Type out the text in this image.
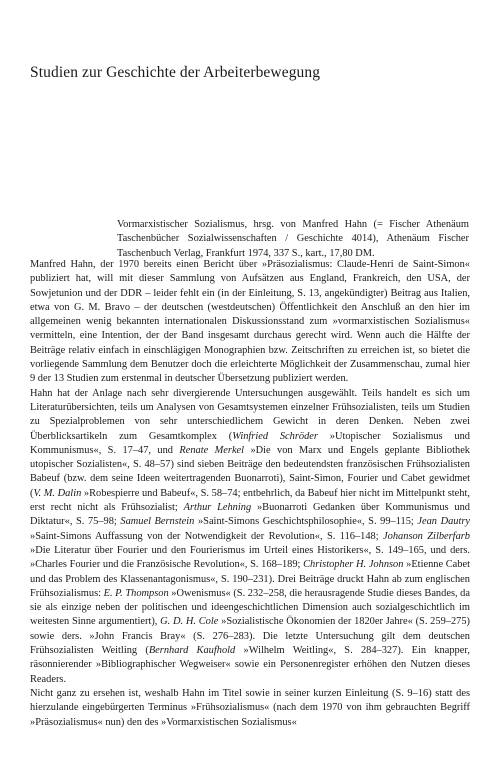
Studien zur Geschichte der Arbeiterbewegung
Vormarxistischer Sozialismus, hrsg. von Manfred Hahn (= Fischer Athenäum Taschenbücher Sozialwissenschaften / Geschichte 4014), Athenäum Fischer Taschenbuch Verlag, Frankfurt 1974, 337 S., kart., 17,80 DM.

Manfred Hahn, der 1970 bereits einen Bericht über »Präsozialismus: Claude-Henri de Saint-Simon« publiziert hat, will mit dieser Sammlung von Aufsätzen aus England, Frankreich, den USA, der Sowjetunion und der DDR – leider fehlt ein (in der Einleitung, S. 13, angekündigter) Beitrag aus Italien, etwa von G. M. Bravo – der deutschen (westdeutschen) Öffentlichkeit den Anschluß an den hier im allgemeinen wenig bekannten internationalen Diskussionsstand zum »vormarxistischen Sozialismus« vermitteln, eine Intention, der der Band insgesamt durchaus gerecht wird. Wenn auch die Hälfte der Beiträge relativ einfach in einschlägigen Monographien bzw. Zeitschriften zu erreichen ist, so bietet die vorliegende Sammlung dem Benutzer doch die erleichterte Möglichkeit der Zusammenschau, zumal hier 9 der 13 Studien zum erstenmal in deutscher Übersetzung publiziert werden.

Hahn hat der Anlage nach sehr divergierende Untersuchungen ausgewählt. Teils handelt es sich um Literaturübersichten, teils um Analysen von Gesamtsystemen einzelner Frühsozialisten, teils um Studien zu Spezialproblemen von sehr unterschiedlichem Gewicht in deren Denken. Neben zwei Überblicksartikeln zum Gesamtkomplex (Winfried Schröder »Utopischer Sozialismus und Kommunismus«, S. 17–47, und Renate Merkel »Die von Marx und Engels geplante Bibliothek utopischer Sozialisten«, S. 48–57) sind sieben Beiträge den bedeutendsten französischen Frühsozialisten Babeuf (bzw. dem seine Ideen weitertragenden Buonarroti), Saint-Simon, Fourier und Cabet gewidmet (V. M. Dalin »Robespierre und Babeuf«, S. 58–74; entbehrlich, da Babeuf hier nicht im Mittelpunkt steht, erst recht nicht als Frühsozialist; Arthur Lehning »Buonarroti Gedanken über Kommunismus und Diktatur«, S. 75–98; Samuel Bernstein »Saint-Simons Geschichtsphilosophie«, S. 99–115; Jean Dautry »Saint-Simons Auffassung von der Notwendigkeit der Revolution«, S. 116–148; Johanson Zilberfarb »Die Literatur über Fourier und den Fourierismus im Urteil eines Historikers«, S. 149–165, und ders. »Charles Fourier und die Französische Revolution«, S. 168–189; Christopher H. Johnson »Etienne Cabet und das Problem des Klassenantagonismus«, S. 190–231). Drei Beiträge druckt Hahn ab zum englischen Frühsozialismus: E. P. Thompson »Owenismus« (S. 232–258, die herausragende Studie dieses Bandes, da sie als einzige neben der politischen und ideengeschichtlichen Dimension auch sozialgeschichtlich im weitesten Sinne argumentiert), G. D. H. Cole »Sozialistische Ökonomien der 1820er Jahre« (S. 259–275) sowie ders. »John Francis Bray« (S. 276–283). Die letzte Untersuchung gilt dem deutschen Frühsozialisten Weitling (Bernhard Kaufhold »Wilhelm Weitling«, S. 284–327). Ein knapper, räsonnierender »Bibliographischer Wegweiser« sowie ein Personenregister erhöhen den Nutzen dieses Readers.

Nicht ganz zu ersehen ist, weshalb Hahn im Titel sowie in seiner kurzen Einleitung (S. 9–16) statt des hierzulande eingebürgerten Terminus »Frühsozialismus« (nach dem 1970 von ihm gebrauchten Begriff »Präsozialismus« nun) den des »Vormarxistischen Sozialismus«
